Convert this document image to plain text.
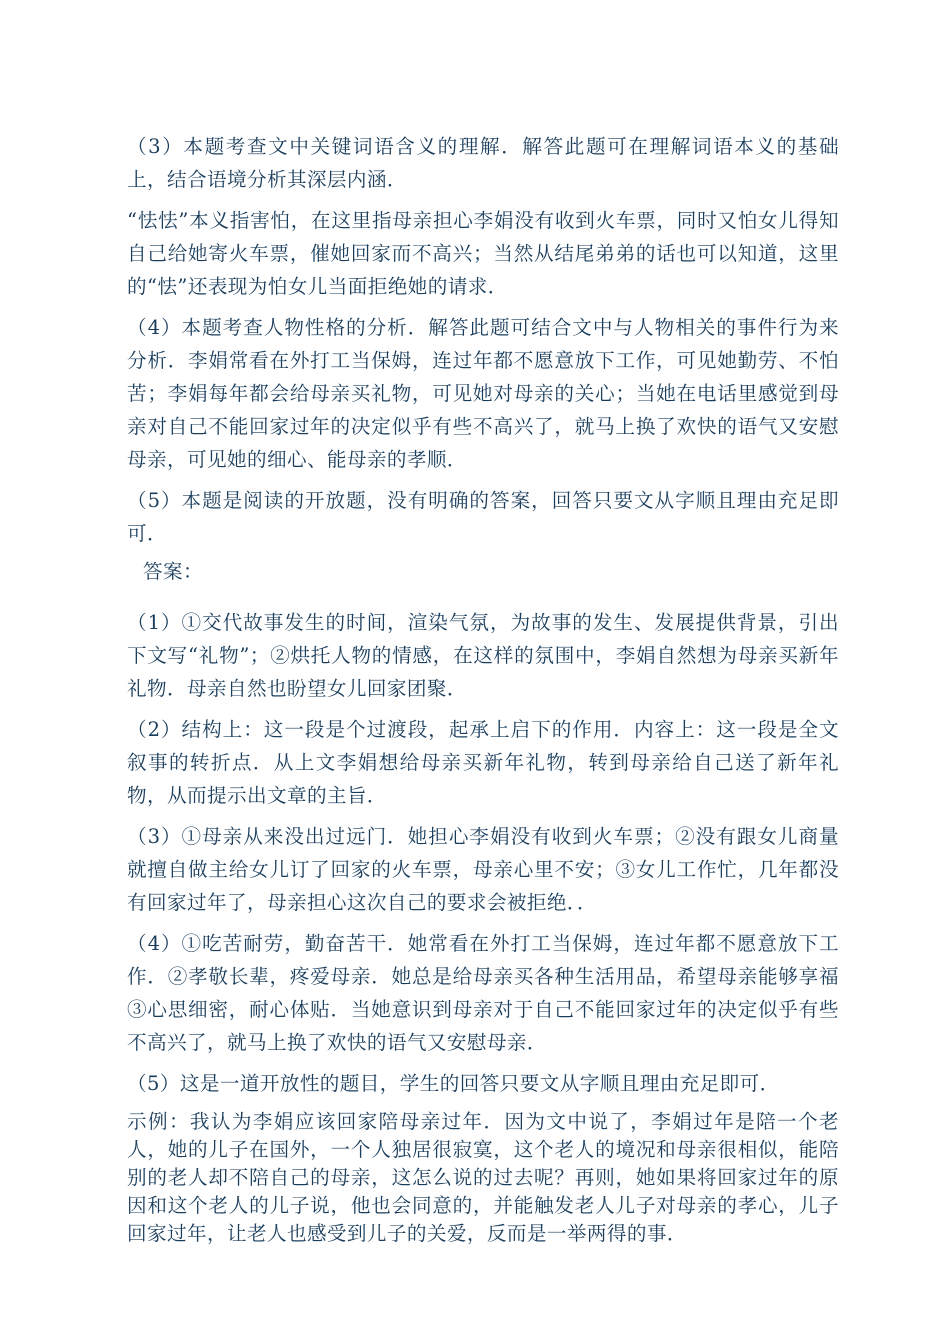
（3）本题考查文中关键词语含义的理解．解答此题可在理解词语本义的基础上，结合语境分析其深层内涵．

“怯怯”本义指害怕，在这里指母亲担心李娟没有收到火车票，同时又怕女儿得知自己给她寄火车票，催她回家而不高兴；当然从结尾弟弟的话也可以知道，这里的“怯”还表现为怕女儿当面拒绝她的请求．

（4）本题考查人物性格的分析．解答此题可结合文中与人物相关的事件行为来分析．李娟常看在外打工当保姆，连过年都不愿意放下工作，可见她勤劳、不怕苦；李娟每年都会给母亲买礼物，可见她对母亲的关心；当她在电话里感觉到母亲对自己不能回家过年的决定似乎有些不高兴了，就马上换了欢快的语气又安慰母亲，可见她的细心、能母亲的孝顺．

（5）本题是阅读的开放题，没有明确的答案，回答只要文从字顺且理由充足即可．

答案：

（1）①交代故事发生的时间，渲染气氛，为故事的发生、发展提供背景，引出下文写“礼物”；②烘托人物的情感，在这样的氛围中，李娟自然想为母亲买新年礼物．母亲自然也盼望女儿回家团聚．

（2）结构上：这一段是个过渡段，起承上启下的作用．内容上：这一段是全文叙事的转折点．从上文李娟想给母亲买新年礼物，转到母亲给自己送了新年礼物，从而提示出文章的主旨．

（3）①母亲从来没出过远门．她担心李娟没有收到火车票；②没有跟女儿商量就擅自做主给女儿订了回家的火车票，母亲心里不安；③女儿工作忙，几年都没有回家过年了，母亲担心这次自己的要求会被拒绝．．

（4）①吃苦耐劳，勤奋苦干．她常看在外打工当保姆，连过年都不愿意放下工作．②孝敬长辈，疼爱母亲．她总是给母亲买各种生活用品，希望母亲能够享福③心思细密，耐心体贴．当她意识到母亲对于自己不能回家过年的决定似乎有些不高兴了，就马上换了欢快的语气又安慰母亲．

（5）这是一道开放性的题目，学生的回答只要文从字顺且理由充足即可．

示例：我认为李娟应该回家陪母亲过年．因为文中说了，李娟过年是陪一个老人，她的儿子在国外，一个人独居很寂寞，这个老人的境况和母亲很相似，能陪别的老人却不陪自己的母亲，这怎么说的过去呢？再则，她如果将回家过年的原因和这个老人的儿子说，他也会同意的，并能触发老人儿子对母亲的孝心，儿子回家过年，让老人也感受到儿子的关爱，反而是一举两得的事．
